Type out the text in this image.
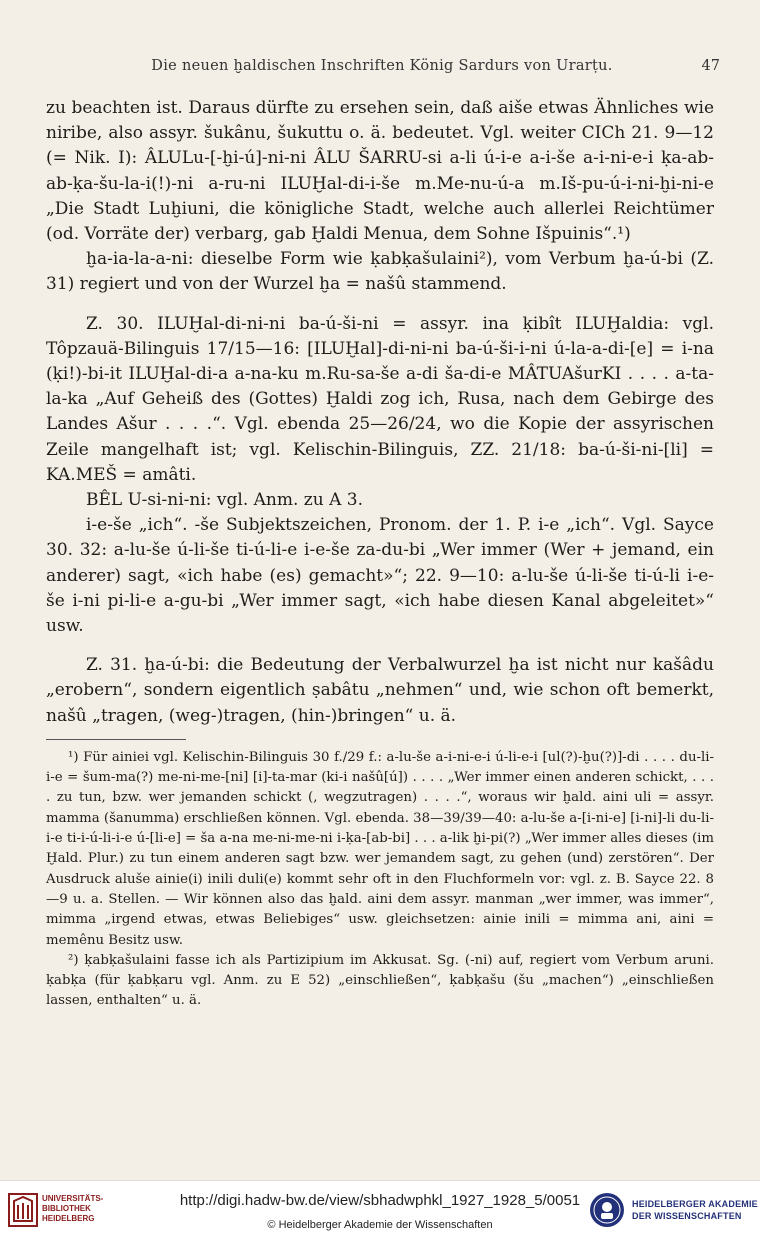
Die neuen ḫaldischen Inschriften König Sardurs von Urarṭu.	47

zu beachten ist. Daraus dürfte zu ersehen sein, daß aiše etwas Ähnliches wie niribe, also assyr. šukânu, šukuttu o. ä. bedeutet. Vgl. weiter CICh 21. 9—12 (= Nik. I): ÂLULu-[-ḫi-ú]-ni-ni ÂLU ŠARRU-si a-li ú-i-e a-i-še a-i-ni-e-i ḳa-ab-ab-ḳa-šu-la-i(!)-ni a-ru-ni ILUḪal-di-i-še m.Me-nu-ú-a m.Iš-pu-ú-i-ni-ḫi-ni-e „Die Stadt Luḫiuni, die königliche Stadt, welche auch allerlei Reichtümer (od. Vorräte der) verbarg, gab Ḫaldi Menua, dem Sohne Išpuinis“.¹)

ḫa-ia-la-a-ni: dieselbe Form wie ḳabḳašulaini²), vom Verbum ḫa-ú-bi (Z. 31) regiert und von der Wurzel ḫa = našû stammend.

Z. 30. ILUḪal-di-ni-ni ba-ú-ši-ni = assyr. ina ḳibît ILUḪaldia: vgl. Tôpzauä-Bilinguis 17/15—16: [ILUḪal]-di-ni-ni ba-ú-ši-i-ni ú-la-a-di-[e] = i-na (ḳi!)-bi-it ILUḪal-di-a a-na-ku m.Ru-sa-še a-di ša-di-e MÂTUAšurKI . . . . a-ta-la-ka „Auf Geheiß des (Gottes) Ḫaldi zog ich, Rusa, nach dem Gebirge des Landes Ašur . . . .“. Vgl. ebenda 25—26/24, wo die Kopie der assyrischen Zeile mangelhaft ist; vgl. Kelischin-Bilinguis, ZZ. 21/18: ba-ú-ši-ni-[li] = KA.MEŠ = amâti.

BÊL U-si-ni-ni: vgl. Anm. zu A 3.

i-e-še „ich“. -še Subjektszeichen, Pronom. der 1. P. i-e „ich“. Vgl. Sayce 30. 32: a-lu-še ú-li-še ti-ú-li-e i-e-še za-du-bi „Wer immer (Wer + jemand, ein anderer) sagt, «ich habe (es) gemacht»“; 22. 9—10: a-lu-še ú-li-še ti-ú-li i-e-še i-ni pi-li-e a-gu-bi „Wer immer sagt, «ich habe diesen Kanal abgeleitet»“ usw.

Z. 31. ḫa-ú-bi: die Bedeutung der Verbalwurzel ḫa ist nicht nur kašâdu „erobern“, sondern eigentlich ṣabâtu „nehmen“ und, wie schon oft bemerkt, našû „tragen, (weg-)tragen, (hin-)bringen“ u. ä.

¹) Für ainiei vgl. Kelischin-Bilinguis 30 f./29 f.: a-lu-še a-i-ni-e-i ú-li-e-i [ul(?)-ḫu(?)]-di . . . . du-li-i-e = šum-ma(?) me-ni-me-[ni] [i]-ta-mar (ki-i našû[ú]) . . . . „Wer immer einen anderen schickt, . . . . zu tun, bzw. wer jemanden schickt (, wegzutragen) . . . .“, woraus wir ḫald. aini uli = assyr. mamma (šanumma) erschließen können. Vgl. ebenda. 38—39/39—40: a-lu-še a-[i-ni-e] [i-ni]-li du-li-i-e ti-i-ú-li-i-e ú-[li-e] = ša a-na me-ni-me-ni i-ḳa-[ab-bi] . . . a-lik ḫi-pi(?) „Wer immer alles dieses (im Ḫald. Plur.) zu tun einem anderen sagt bzw. wer jemandem sagt, zu gehen (und) zerstören“. Der Ausdruck aluše ainie(i) inili duli(e) kommt sehr oft in den Fluchformeln vor: vgl. z. B. Sayce 22. 8—9 u. a. Stellen. — Wir können also das ḫald. aini dem assyr. manman „wer immer, was immer“, mimma „irgend etwas, etwas Beliebiges“ usw. gleichsetzen: ainie inili = mimma ani, aini = memênu Besitz usw.

²) ḳabḳašulaini fasse ich als Partizipium im Akkusat. Sg. (-ni) auf, regiert vom Verbum aruni. ḳabḳa (für ḳabḳaru vgl. Anm. zu E 52) „einschließen“, ḳabḳašu (šu „machen“) „einschließen lassen, enthalten“ u. ä.

UNIVERSITÄTS-
BIBLIOTHEK
HEIDELBERG
http://digi.hadw-bw.de/view/sbhadwphkl_1927_1928_5/0051
© Heidelberger Akademie der Wissenschaften
HEIDELBERGER AKADEMIE
DER WISSENSCHAFTEN
